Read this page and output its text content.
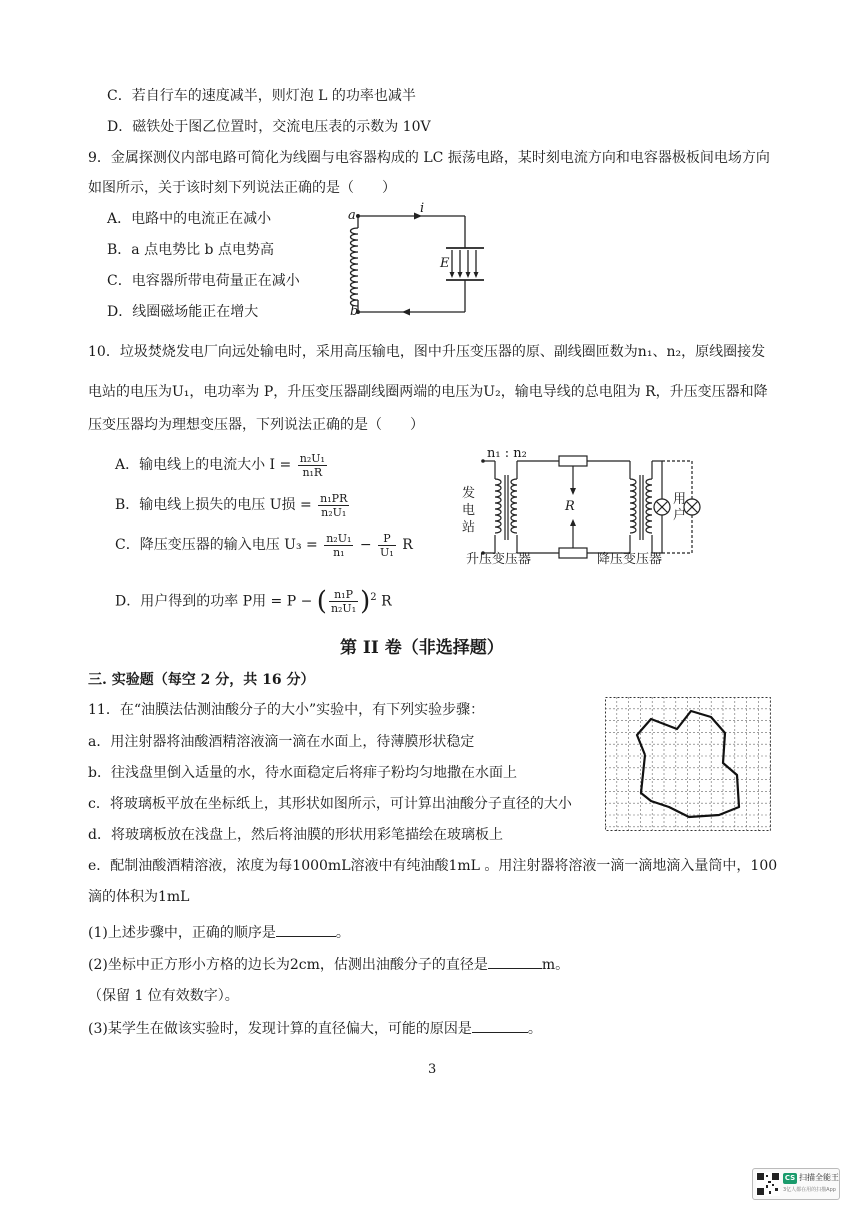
C．若自行车的速度减半，则灯泡 L 的功率也减半
D．磁铁处于图乙位置时，交流电压表的示数为 10V
9．金属探测仪内部电路可简化为线圈与电容器构成的 LC 振荡电路，某时刻电流方向和电容器极板间电场方向
如图所示，关于该时刻下列说法正确的是（　　）
A．电路中的电流正在减小
B．a 点电势比 b 点电势高
C．电容器所带电荷量正在减小
D．线圈磁场能正在增大
a
b
i
E
10．垃圾焚烧发电厂向远处输电时，采用高压输电，图中升压变压器的原、副线圈匝数为n₁、n₂，原线圈接发
电站的电压为U₁，电功率为 P，升压变压器副线圈两端的电压为U₂，输电导线的总电阻为 R，升压变压器和降
压变压器均为理想变压器，下列说法正确的是（　　）
A．输电线上的电流大小 $I = \frac{\text{n₂U₁}}{\text{n₁R}}$
B．输电线上损失的电压 U损 = $\frac{\text{n₁PR}}{\text{n₂U₁}}$
C．降压变压器的输入电压 $U_3 = \frac{\text{n₂U₁}}{\text{n₁}} - \frac{P}{\text{U₁}}$ R
D．用户得到的功率 P用 = P − ( $\frac{\text{n₁P}}{\text{n₂U₁}} )^2$ R
n₁ : n₂
发
电
站
R	用
户
升压变压器	降压变压器
第 II 卷（非选择题）
三. 实验题（每空 2 分，共 16 分）
11．在“油膜法估测油酸分子的大小”实验中，有下列实验步骤：
a．用注射器将油酸酒精溶液滴一滴在水面上，待薄膜形状稳定
b．往浅盘里倒入适量的水，待水面稳定后将痱子粉均匀地撒在水面上
c．将玻璃板平放在坐标纸上，其形状如图所示，可计算出油酸分子直径的大小
d．将玻璃板放在浅盘上，然后将油膜的形状用彩笔描绘在玻璃板上
e．配制油酸酒精溶液，浓度为每1000mL溶液中有纯油酸1mL 。用注射器将溶液一滴一滴地滴入量筒中，100
滴的体积为1mL
(1)上述步骤中，正确的顺序是	。
(2)坐标中正方形小方格的边长为2cm，估测出油酸分子的直径是	m。
（保留 1 位有效数字）。
(3)某学生在做该实验时，发现计算的直径偏大，可能的原因是	。
3
CS 扫描全能王
3亿人都在用的扫描App
